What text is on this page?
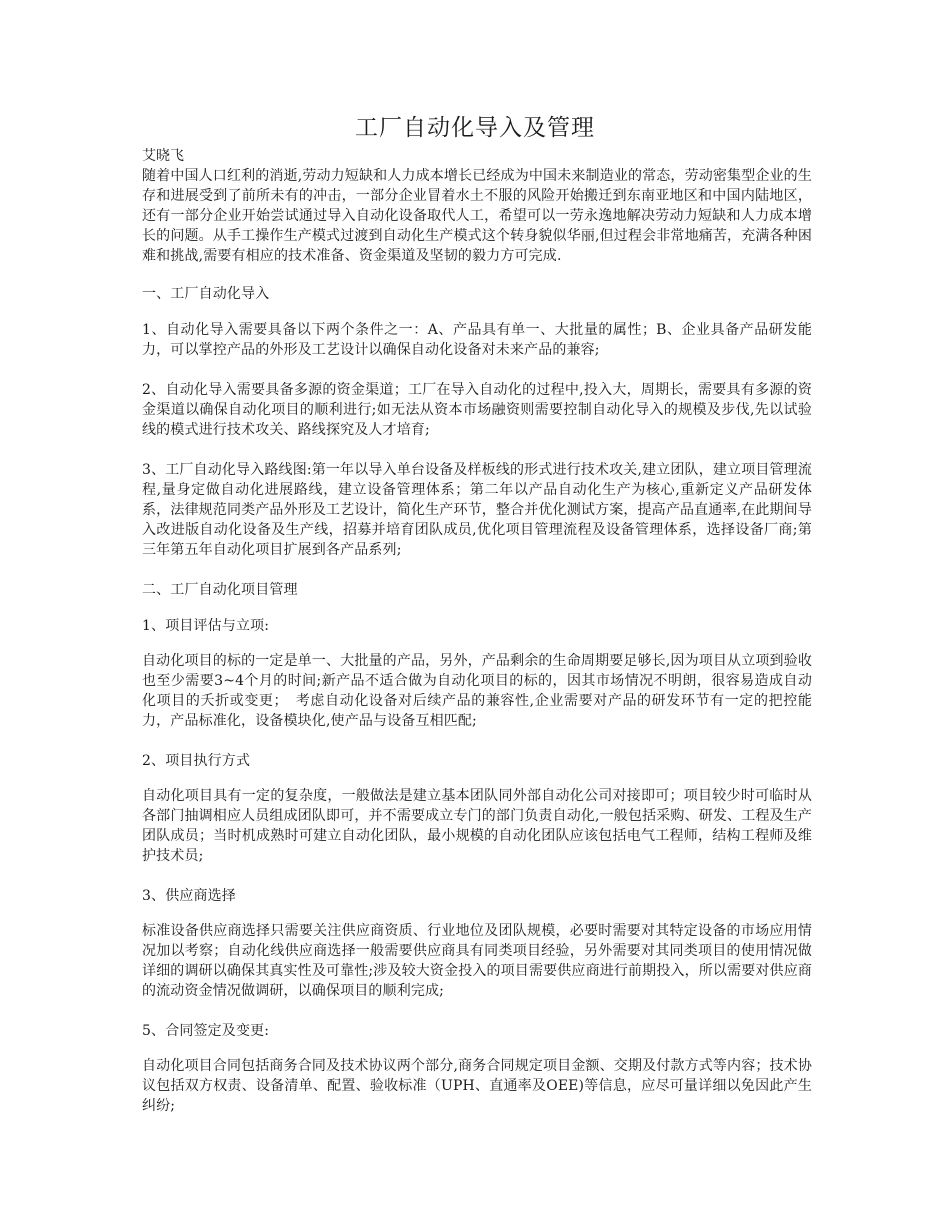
工厂自动化导入及管理
艾晓飞

随着中国人口红利的消逝,劳动力短缺和人力成本增长已经成为中国未来制造业的常态，劳动密集型企业的生存和进展受到了前所未有的冲击，一部分企业冒着水土不服的风险开始搬迁到东南亚地区和中国内陆地区，还有一部分企业开始尝试通过导入自动化设备取代人工，希望可以一劳永逸地解决劳动力短缺和人力成本增长的问题。从手工操作生产模式过渡到自动化生产模式这个转身貌似华丽,但过程会非常地痛苦，充满各种困难和挑战,需要有相应的技术准备、资金渠道及坚韧的毅力方可完成.

一、工厂自动化导入

1、自动化导入需要具备以下两个条件之一：A、产品具有单一、大批量的属性；B、企业具备产品研发能力，可以掌控产品的外形及工艺设计以确保自动化设备对未来产品的兼容;

2、自动化导入需要具备多源的资金渠道；工厂在导入自动化的过程中,投入大，周期长，需要具有多源的资金渠道以确保自动化项目的顺利进行;如无法从资本市场融资则需要控制自动化导入的规模及步伐,先以试验线的模式进行技术攻关、路线探究及人才培育;

3、工厂自动化导入路线图:第一年以导入单台设备及样板线的形式进行技术攻关,建立团队，建立项目管理流程,量身定做自动化进展路线，建立设备管理体系；第二年以产品自动化生产为核心,重新定义产品研发体系，法律规范同类产品外形及工艺设计，简化生产环节，整合并优化测试方案，提高产品直通率,在此期间导入改进版自动化设备及生产线，招募并培育团队成员,优化项目管理流程及设备管理体系，选择设备厂商;第三年第五年自动化项目扩展到各产品系列;

二、工厂自动化项目管理
1、项目评估与立项:

自动化项目的标的一定是单一、大批量的产品，另外，产品剩余的生命周期要足够长,因为项目从立项到验收也至少需要3~4个月的时间;新产品不适合做为自动化项目的标的，因其市场情况不明朗，很容易造成自动化项目的夭折或变更；　考虑自动化设备对后续产品的兼容性,企业需要对产品的研发环节有一定的把控能力，产品标准化，设备模块化,使产品与设备互相匹配;

2、项目执行方式

自动化项目具有一定的复杂度，一般做法是建立基本团队同外部自动化公司对接即可；项目较少时可临时从各部门抽调相应人员组成团队即可，并不需要成立专门的部门负责自动化,一般包括采购、研发、工程及生产团队成员；当时机成熟时可建立自动化团队，最小规模的自动化团队应该包括电气工程师，结构工程师及维护技术员;

3、供应商选择

标准设备供应商选择只需要关注供应商资质、行业地位及团队规模，必要时需要对其特定设备的市场应用情况加以考察；自动化线供应商选择一般需要供应商具有同类项目经验，另外需要对其同类项目的使用情况做详细的调研以确保其真实性及可靠性;涉及较大资金投入的项目需要供应商进行前期投入，所以需要对供应商的流动资金情况做调研，以确保项目的顺利完成;

5、合同签定及变更:

自动化项目合同包括商务合同及技术协议两个部分,商务合同规定项目金额、交期及付款方式等内容；技术协议包括双方权责、设备清单、配置、验收标准（UPH、直通率及OEE)等信息，应尽可量详细以免因此产生纠纷;
